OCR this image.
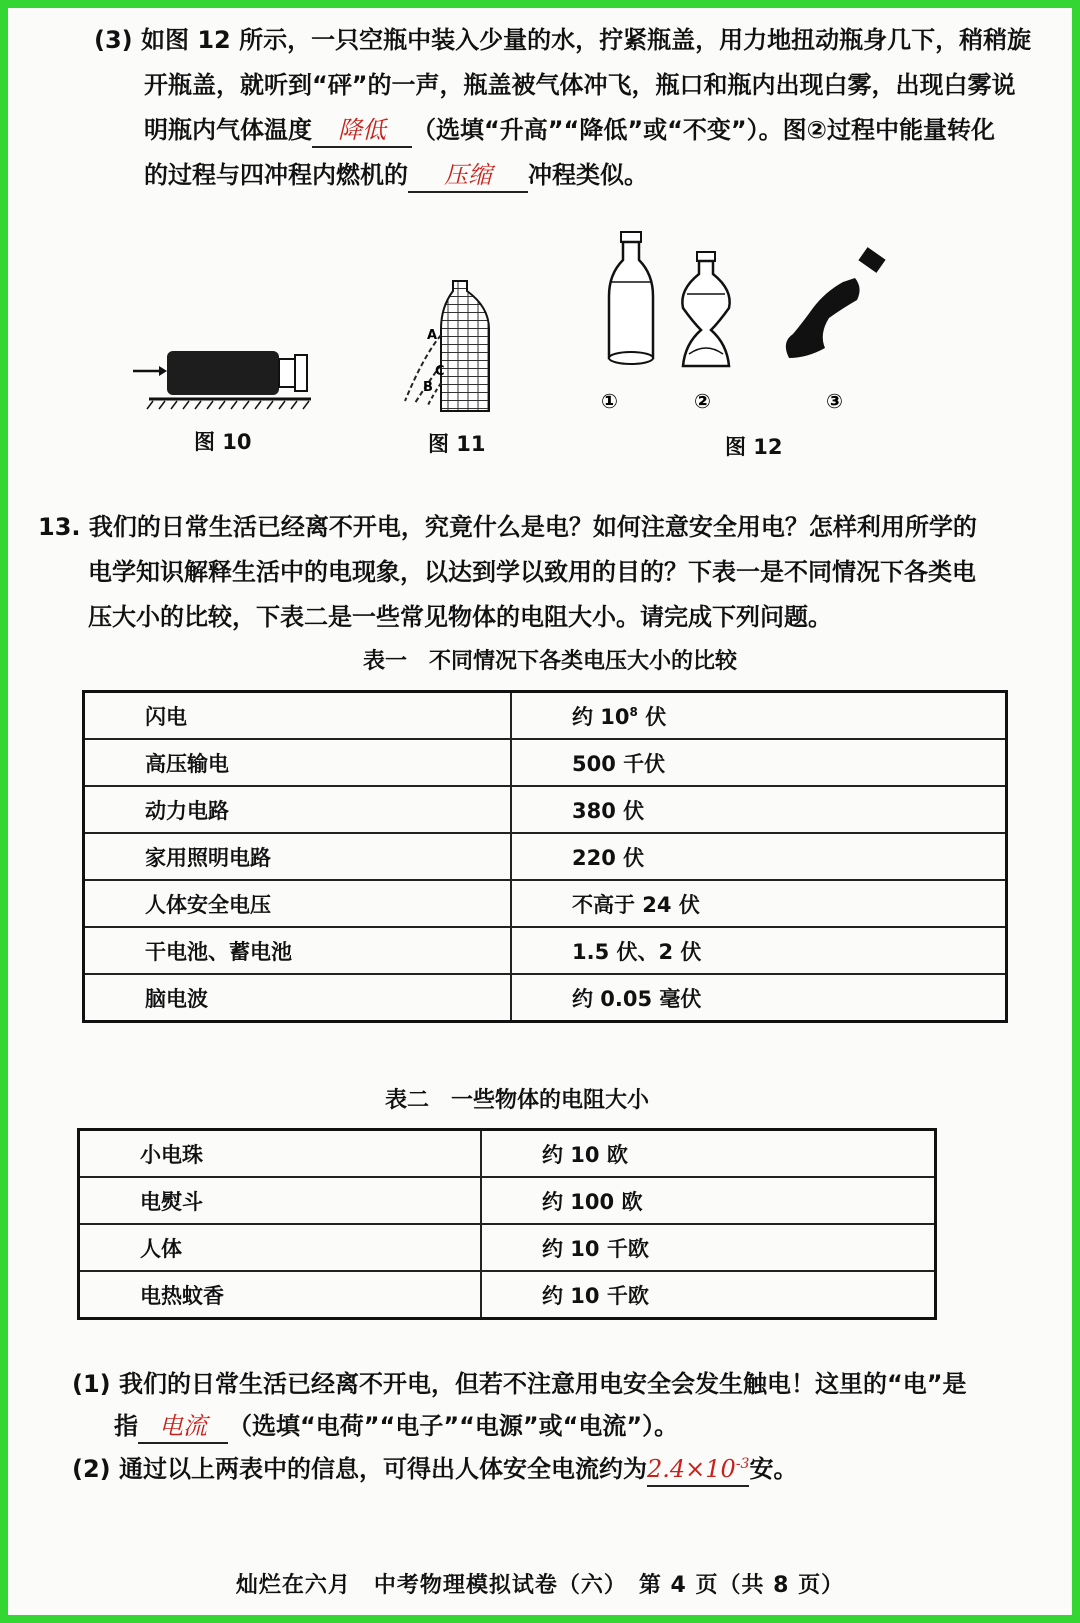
(3) 如图 12 所示，一只空瓶中装入少量的水，拧紧瓶盖，用力地扭动瓶身几下，稍稍旋
开瓶盖，就听到“砰”的一声，瓶盖被气体冲飞，瓶口和瓶内出现白雾，出现白雾说
明瓶内气体温度 降低 （选填“升高”“降低”或“不变”）。图②过程中能量转化
的过程与四冲程内燃机的 压缩 冲程类似。
图 10
A
C
B
图 11
①	②	③
图 12
13. 我们的日常生活已经离不开电，究竟什么是电？如何注意安全用电？怎样利用所学的
电学知识解释生活中的电现象，以达到学以致用的目的？下表一是不同情况下各类电
压大小的比较，下表二是一些常见物体的电阻大小。请完成下列问题。
表一　不同情况下各类电压大小的比较
闪电	约 $10^8$ 伏
高压输电	500 千伏
动力电路	380 伏
家用照明电路	220 伏
人体安全电压	不高于 24 伏
干电池、蓄电池	1.5 伏、2 伏
脑电波	约 0.05 毫伏
表二　一些物体的电阻大小
小电珠	约 10 欧
电熨斗	约 100 欧
人体	约 10 千欧
电热蚊香	约 10 千欧
(1) 我们的日常生活已经离不开电，但若不注意用电安全会发生触电！这里的“电”是
指 电流 （选填“电荷”“电子”“电源”或“电流”）。
(2) 通过以上两表中的信息，可得出人体安全电流约为$2.4\times 10^{-3}$安。
灿烂在六月　中考物理模拟试卷（六）　第 4 页（共 8 页）
